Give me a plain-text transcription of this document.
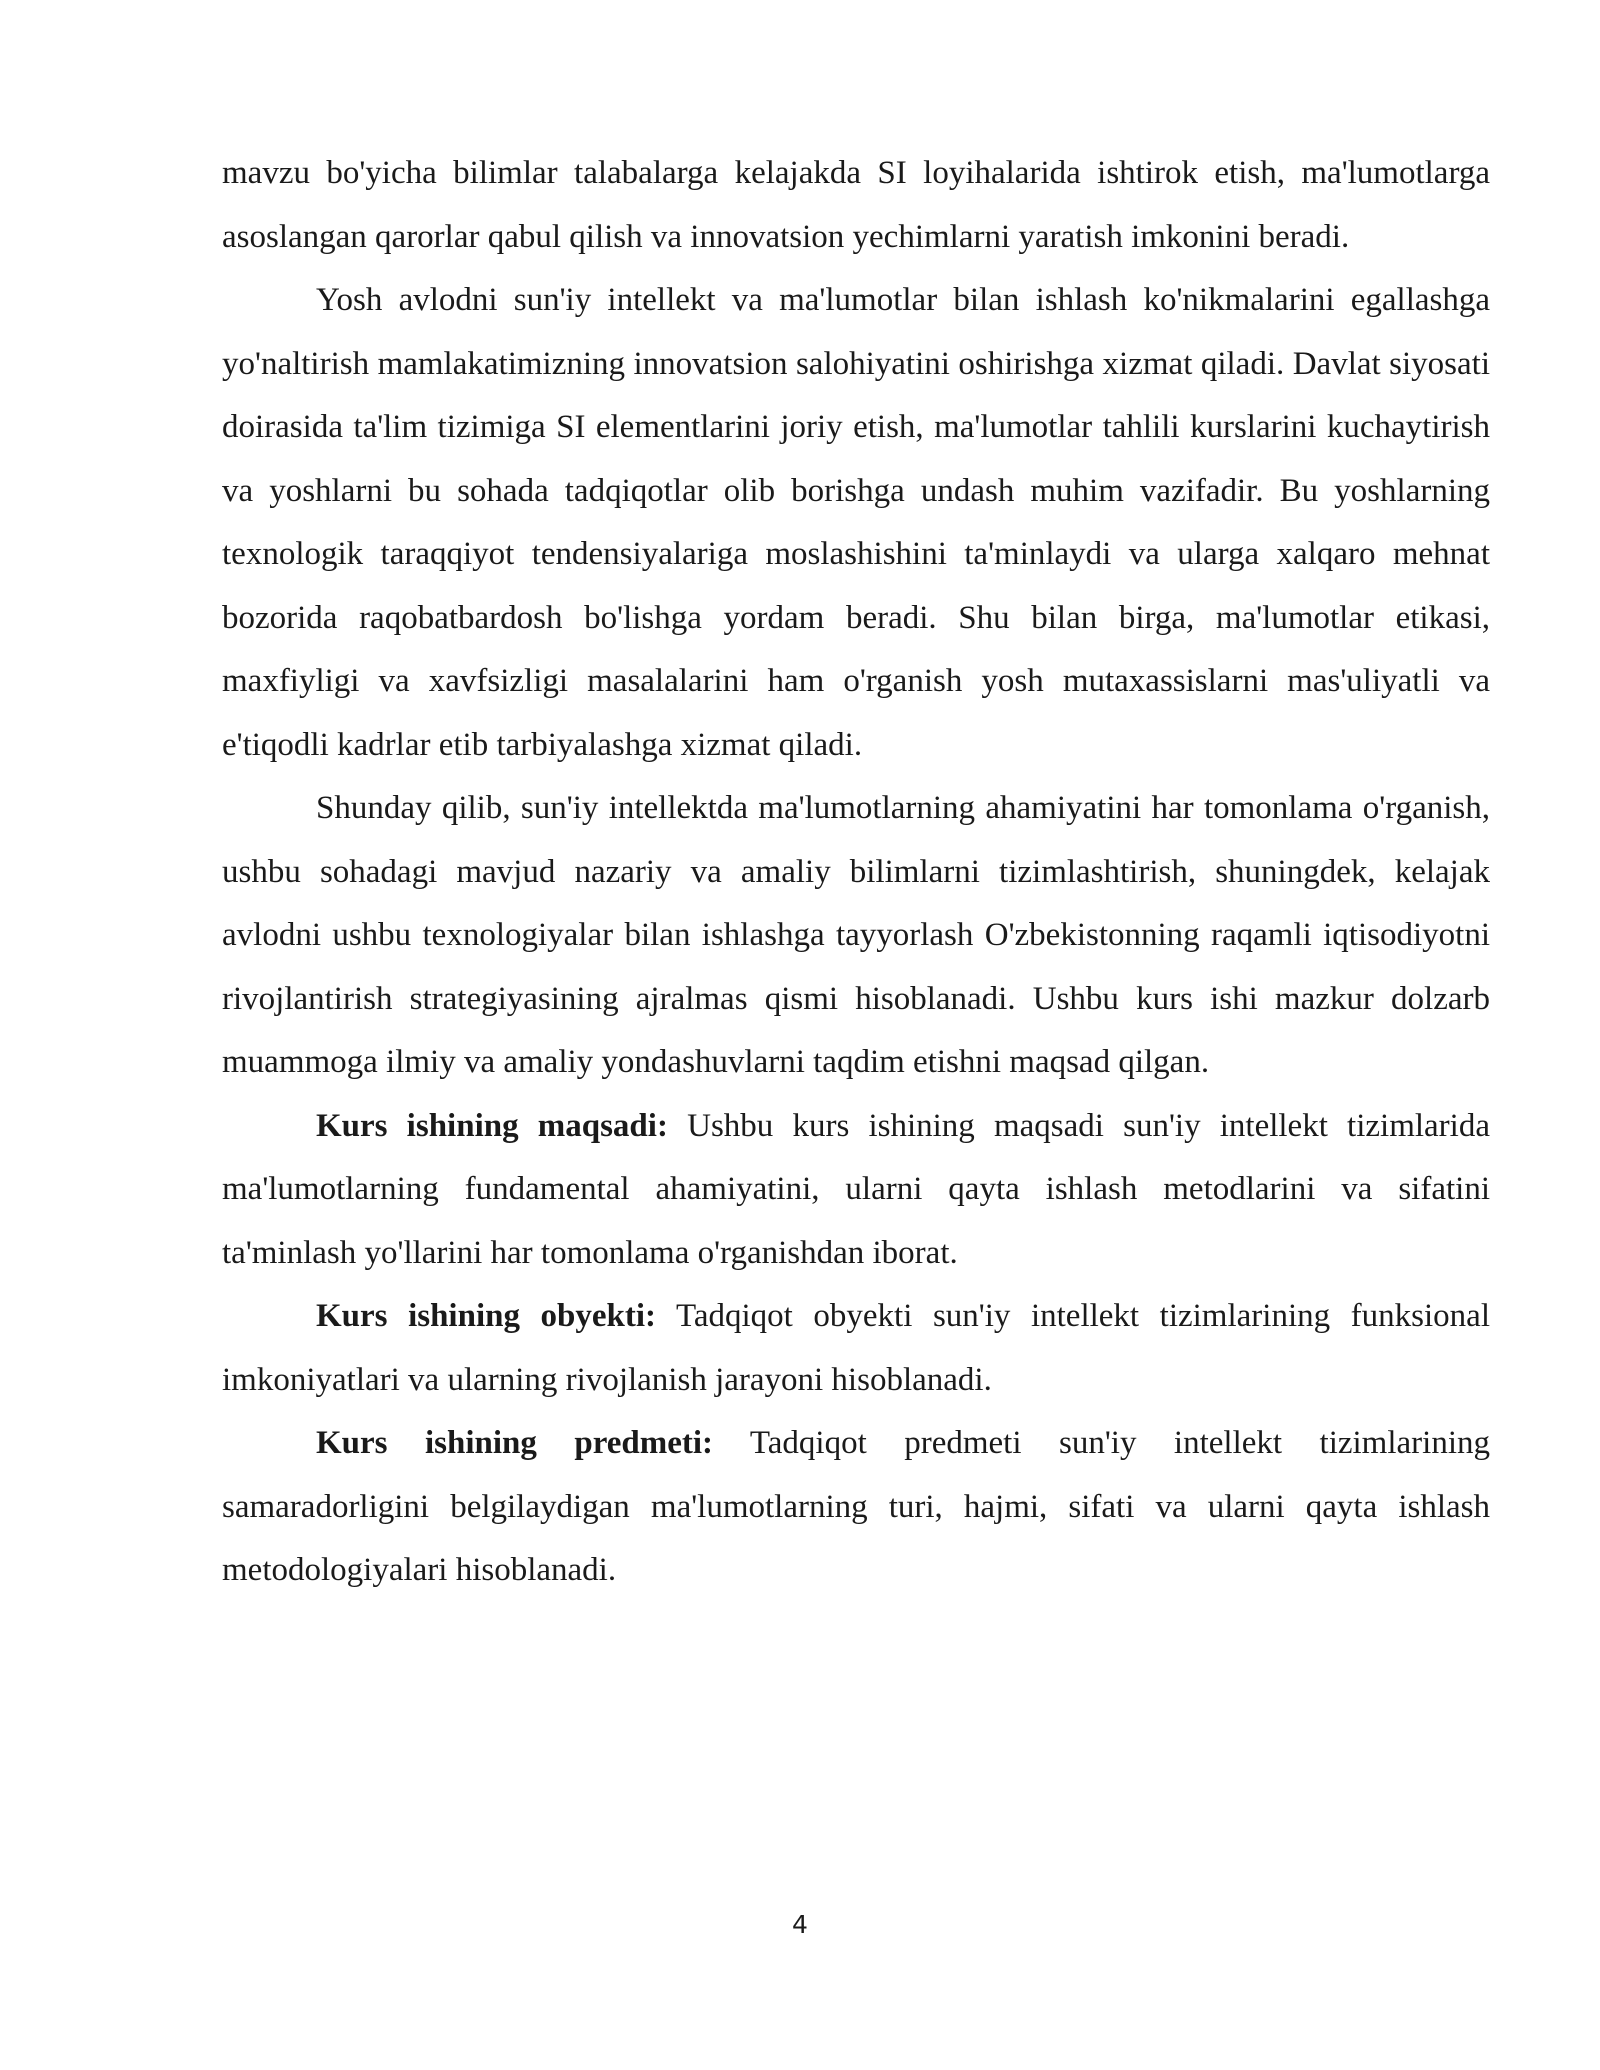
mavzu bo'yicha bilimlar talabalarga kelajakda SI loyihalarida ishtirok etish, ma'lumotlarga asoslangan qarorlar qabul qilish va innovatsion yechimlarni yaratish imkonini beradi.

Yosh avlodni sun'iy intellekt va ma'lumotlar bilan ishlash ko'nikmalarini egallashga yo'naltirish mamlakatimizning innovatsion salohiyatini oshirishga xizmat qiladi. Davlat siyosati doirasida ta'lim tizimiga SI elementlarini joriy etish, ma'lumotlar tahlili kurslarini kuchaytirish va yoshlarni bu sohada tadqiqotlar olib borishga undash muhim vazifadir. Bu yoshlarning texnologik taraqqiyot tendensiyalariga moslashishini ta'minlaydi va ularga xalqaro mehnat bozorida raqobatbardosh bo'lishga yordam beradi. Shu bilan birga, ma'lumotlar etikasi, maxfiyligi va xavfsizligi masalalarini ham o'rganish yosh mutaxassislarni mas'uliyatli va e'tiqodli kadrlar etib tarbiyalashga xizmat qiladi.

Shunday qilib, sun'iy intellektda ma'lumotlarning ahamiyatini har tomonlama o'rganish, ushbu sohadagi mavjud nazariy va amaliy bilimlarni tizimlashtirish, shuningdek, kelajak avlodni ushbu texnologiyalar bilan ishlashga tayyorlash O'zbekistonning raqamli iqtisodiyotni rivojlantirish strategiyasining ajralmas qismi hisoblanadi. Ushbu kurs ishi mazkur dolzarb muammoga ilmiy va amaliy yondashuvlarni taqdim etishni maqsad qilgan.

Kurs ishining maqsadi: Ushbu kurs ishining maqsadi sun'iy intellekt tizimlarida ma'lumotlarning fundamental ahamiyatini, ularni qayta ishlash metodlarini va sifatini ta'minlash yo'llarini har tomonlama o'rganishdan iborat.

Kurs ishining obyekti: Tadqiqot obyekti sun'iy intellekt tizimlarining funksional imkoniyatlari va ularning rivojlanish jarayoni hisoblanadi.

Kurs ishining predmeti: Tadqiqot predmeti sun'iy intellekt tizimlarining samaradorligini belgilaydigan ma'lumotlarning turi, hajmi, sifati va ularni qayta ishlash metodologiyalari hisoblanadi.

4
